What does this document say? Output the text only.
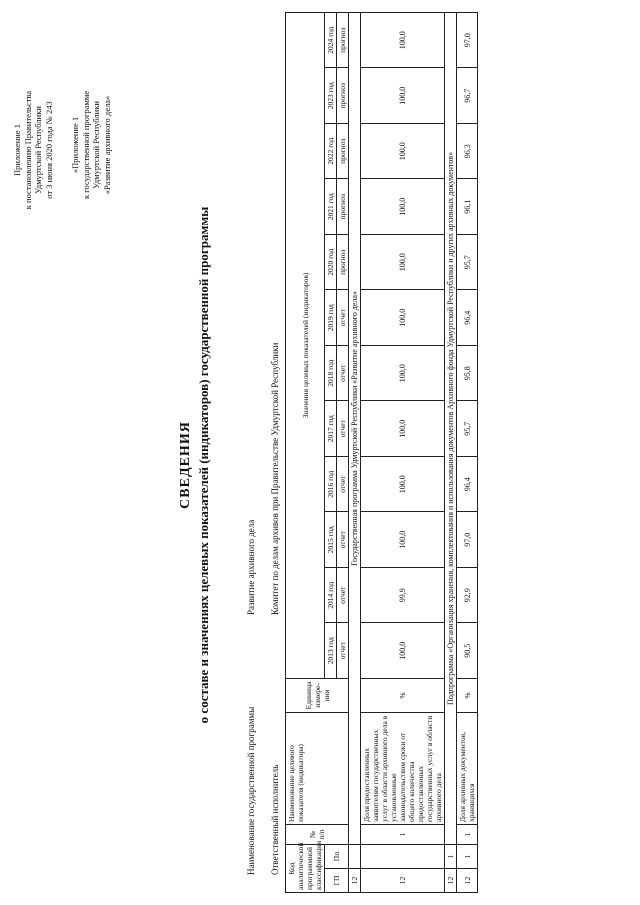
Приложение 1 к постановлению Правительства Удмуртской Республики от 3 июня 2020 года № 243 «Приложение 1 к государственной программе Удмуртской Республики «Развитие архивного дела»
СВЕДЕНИЯ о составе и значениях целевых показателей (индикаторов) государственной программы
Наименование государственной программы
Развитие архивного дела
Ответственный исполнитель
Комитет по делам архивов при Правительстве Удмуртской Республики
Код аналитической программной классификации		№ п/п	Наименование целевого показателя (индикатора)	Единица измере-ния	Значения целевых показателей (индикаторов)											
ГП	Пп				2013 год	2014 год	2015 год	2016 год	2017 год	2018 год	2019 год	2020 год	2021 год	2022 год	2023 год	2024 год
					отчет	отчет	отчет	отчет	отчет	отчет	отчет	прогноз	прогноз	прогноз	прогноз	прогноз
12		Государственная программа Удмуртской Республики «Развитие архивного дела»														
12		1	Доля предоставленных заявителям государственных услуг в области архивного дела в установленные законодательством сроки от общего количества предоставленных государственных услуг в области архивного дела	%	100,0	99,9	100,0	100,0	100,0	100,0	100,0	100,0	100,0	100,0	100,0	100,0
12	1	Подпрограмма «Организация хранения, комплектования и использования документов Архивного фонда Удмуртской Республики и других архивных документов»														
12	1	1	Доля архивных документов, хранящихся	%	90,5	92,9	97,0	96,4	95,7	95,8	96,4	95,7	96,1	96,3	96,7	97,0
